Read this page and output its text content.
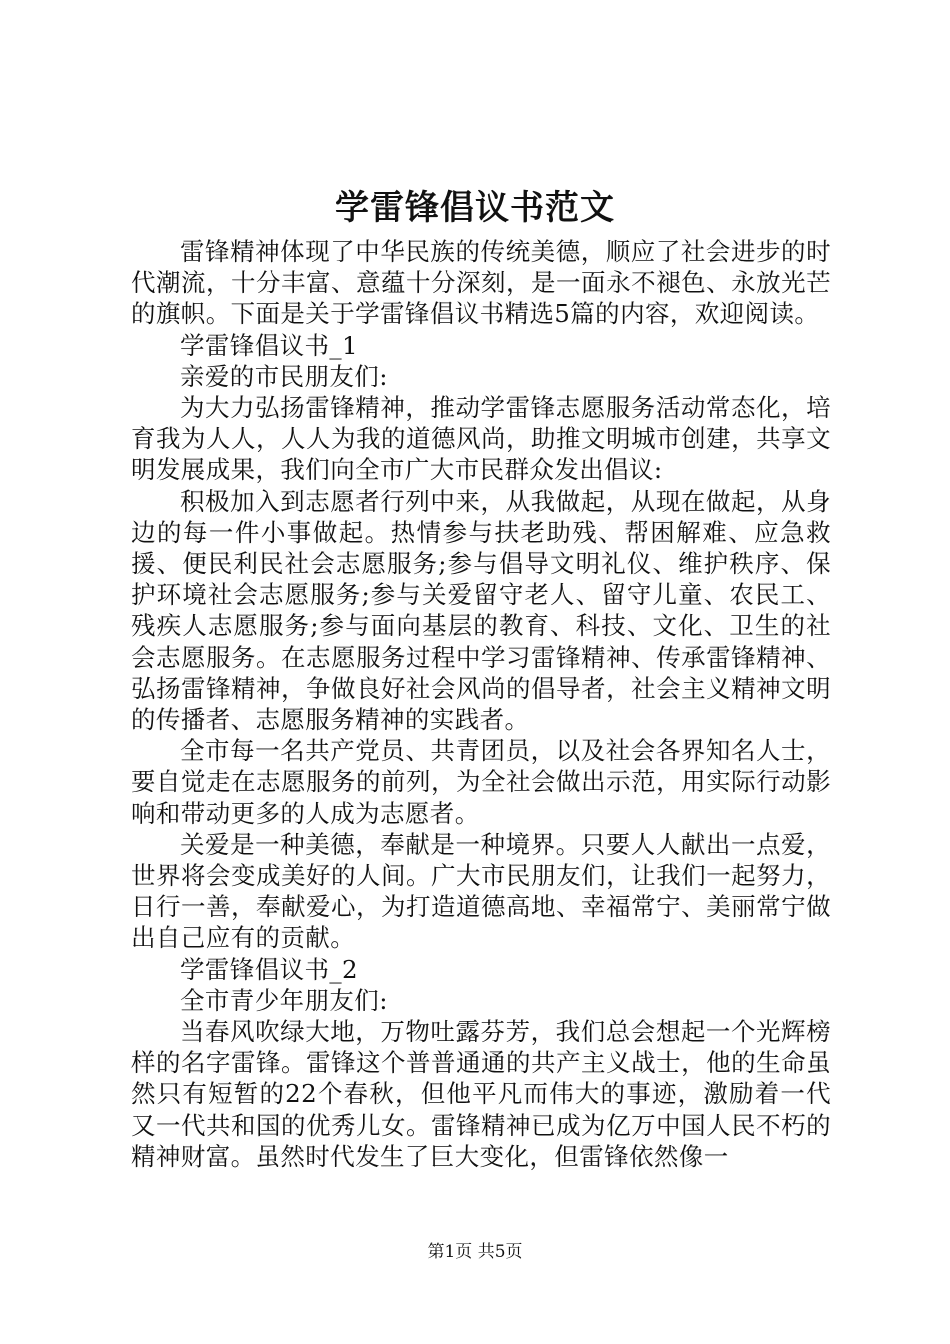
学雷锋倡议书范文

雷锋精神体现了中华民族的传统美德，顺应了社会进步的时代潮流，十分丰富、意蕴十分深刻，是一面永不褪色、永放光芒的旗帜。下面是关于学雷锋倡议书精选5篇的内容，欢迎阅读。

学雷锋倡议书_1

亲爱的市民朋友们:

为大力弘扬雷锋精神，推动学雷锋志愿服务活动常态化，培育我为人人，人人为我的道德风尚，助推文明城市创建，共享文明发展成果，我们向全市广大市民群众发出倡议:

积极加入到志愿者行列中来，从我做起，从现在做起，从身边的每一件小事做起。热情参与扶老助残、帮困解难、应急救援、便民利民社会志愿服务;参与倡导文明礼仪、维护秩序、保护环境社会志愿服务;参与关爱留守老人、留守儿童、农民工、残疾人志愿服务;参与面向基层的教育、科技、文化、卫生的社会志愿服务。在志愿服务过程中学习雷锋精神、传承雷锋精神、弘扬雷锋精神，争做良好社会风尚的倡导者，社会主义精神文明的传播者、志愿服务精神的实践者。

全市每一名共产党员、共青团员，以及社会各界知名人士，要自觉走在志愿服务的前列，为全社会做出示范，用实际行动影响和带动更多的人成为志愿者。

关爱是一种美德，奉献是一种境界。只要人人献出一点爱，世界将会变成美好的人间。广大市民朋友们，让我们一起努力，日行一善，奉献爱心，为打造道德高地、幸福常宁、美丽常宁做出自己应有的贡献。

学雷锋倡议书_2

全市青少年朋友们:

当春风吹绿大地，万物吐露芬芳，我们总会想起一个光辉榜样的名字雷锋。雷锋这个普普通通的共产主义战士，他的生命虽然只有短暂的22个春秋，但他平凡而伟大的事迹，激励着一代又一代共和国的优秀儿女。雷锋精神已成为亿万中国人民不朽的精神财富。虽然时代发生了巨大变化，但雷锋依然像一

第1页 共5页
